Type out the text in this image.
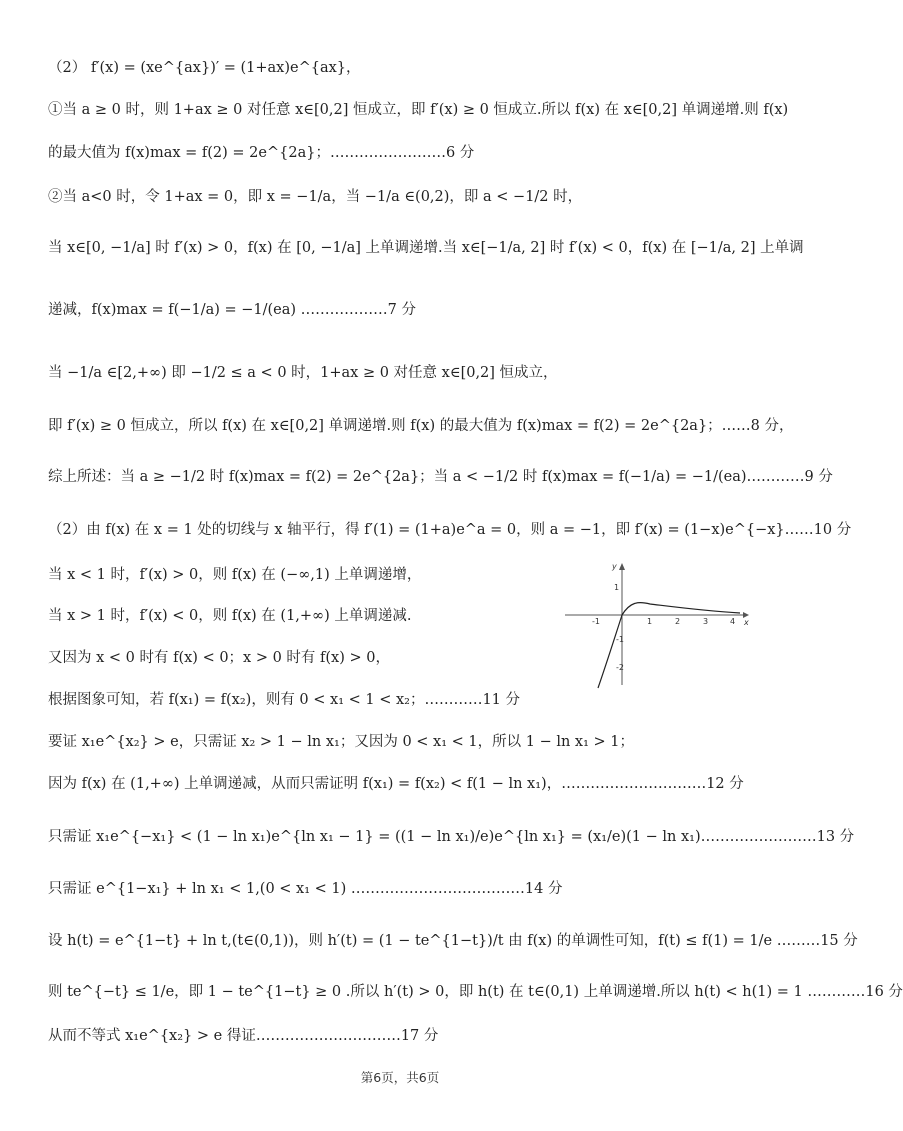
（2） f′(x) = (xe^{ax})′ = (1+ax)e^{ax}，
①当 a ≥ 0 时，则 1+ax ≥ 0 对任意 x∈[0,2] 恒成立，即 f′(x) ≥ 0 恒成立.所以 f(x) 在 x∈[0,2] 单调递增.则 f(x)
的最大值为 f(x)max = f(2) = 2e^{2a}；……………………6 分
②当 a<0 时，令 1+ax = 0，即 x = −1/a，当 −1/a ∈(0,2)，即 a < −1/2 时，
当 x∈[0, −1/a] 时 f′(x) > 0，f(x) 在 [0, −1/a] 上单调递增.当 x∈[−1/a, 2] 时 f′(x) < 0，f(x) 在 [−1/a, 2] 上单调
递减，f(x)max = f(−1/a) = −1/(ea) ………………7 分
当 −1/a ∈[2,+∞) 即 −1/2 ≤ a < 0 时，1+ax ≥ 0 对任意 x∈[0,2] 恒成立，
即 f′(x) ≥ 0 恒成立，所以 f(x) 在 x∈[0,2] 单调递增.则 f(x) 的最大值为 f(x)max = f(2) = 2e^{2a}；……8 分，
综上所述：当 a ≥ −1/2 时 f(x)max = f(2) = 2e^{2a}；当 a < −1/2 时 f(x)max = f(−1/a) = −1/(ea)…………9 分
（2）由 f(x) 在 x = 1 处的切线与 x 轴平行，得 f′(1) = (1+a)e^a = 0，则 a = −1，即 f′(x) = (1−x)e^{−x}……10 分
当 x < 1 时，f′(x) > 0，则 f(x) 在 (−∞,1) 上单调递增，
当 x > 1 时，f′(x) < 0，则 f(x) 在 (1,+∞) 上单调递减.
又因为 x < 0 时有 f(x) < 0；x > 0 时有 f(x) > 0，
根据图象可知，若 f(x₁) = f(x₂)，则有 0 < x₁ < 1 < x₂；…………11 分
要证 x₁e^{x₂} > e，只需证 x₂ > 1 − ln x₁；又因为 0 < x₁ < 1，所以 1 − ln x₁ > 1；
因为 f(x) 在 (1,+∞) 上单调递减，从而只需证明 f(x₁) = f(x₂) < f(1 − ln x₁)，…………………………12 分
只需证 x₁e^{−x₁} < (1 − ln x₁)e^{ln x₁ − 1} = ((1 − ln x₁)/e)e^{ln x₁} = (x₁/e)(1 − ln x₁)……………………13 分
只需证 e^{1−x₁} + ln x₁ < 1,(0 < x₁ < 1) ………………………………14 分
设 h(t) = e^{1−t} + ln t,(t∈(0,1))，则 h′(t) = (1 − te^{1−t})/t 由 f(x) 的单调性可知，f(t) ≤ f(1) = 1/e ………15 分
则 te^{−t} ≤ 1/e，即 1 − te^{1−t} ≥ 0 .所以 h′(t) > 0，即 h(t) 在 t∈(0,1) 上单调递增.所以 h(t) < h(1) = 1 …………16 分
从而不等式 x₁e^{x₂} > e 得证…………………………17 分
x
y
-1	1	2	3	4
1
-1
-2
第6页，共6页
